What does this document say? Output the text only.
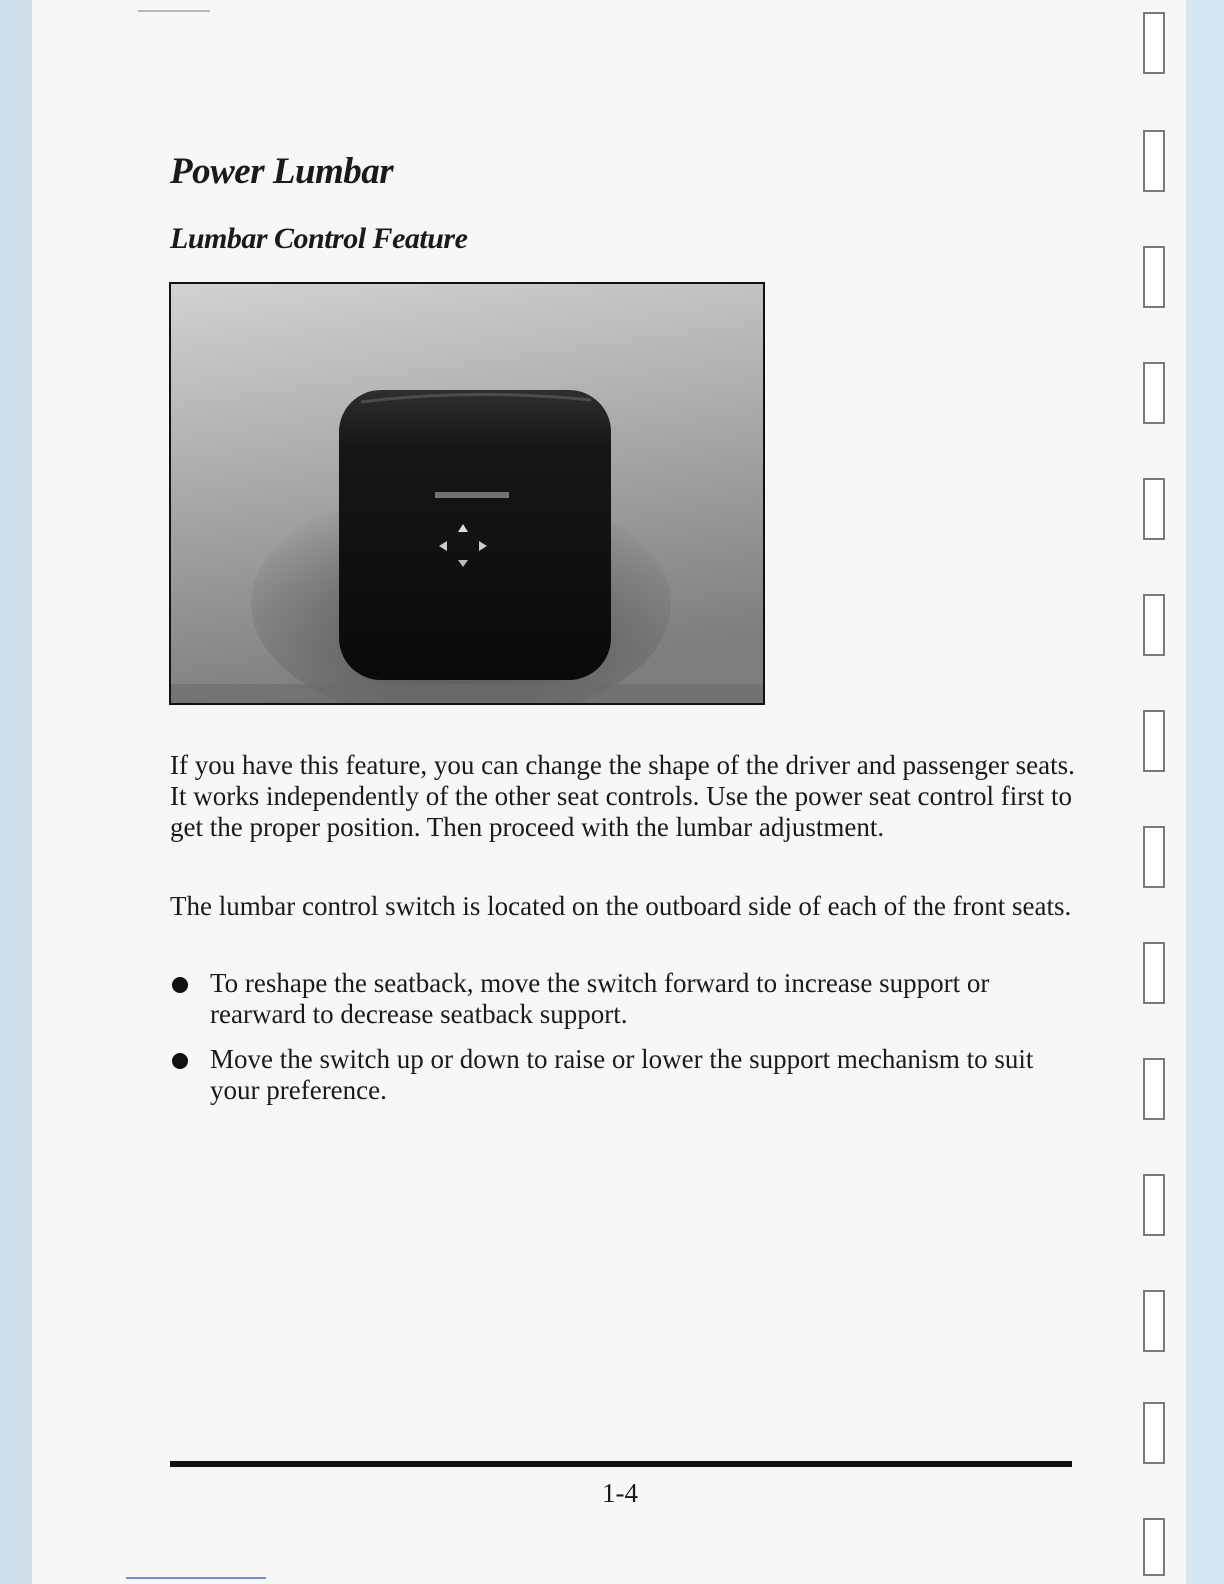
Power Lumbar
Lumbar Control Feature

If you have this feature, you can change the shape of the driver and passenger seats. It works independently of the other seat controls. Use the power seat control first to get the proper position. Then proceed with the lumbar adjustment.

The lumbar control switch is located on the outboard side of each of the front seats.

To reshape the seatback, move the switch forward to increase support or rearward to decrease seatback support.
Move the switch up or down to raise or lower the support mechanism to suit your preference.
1-4
